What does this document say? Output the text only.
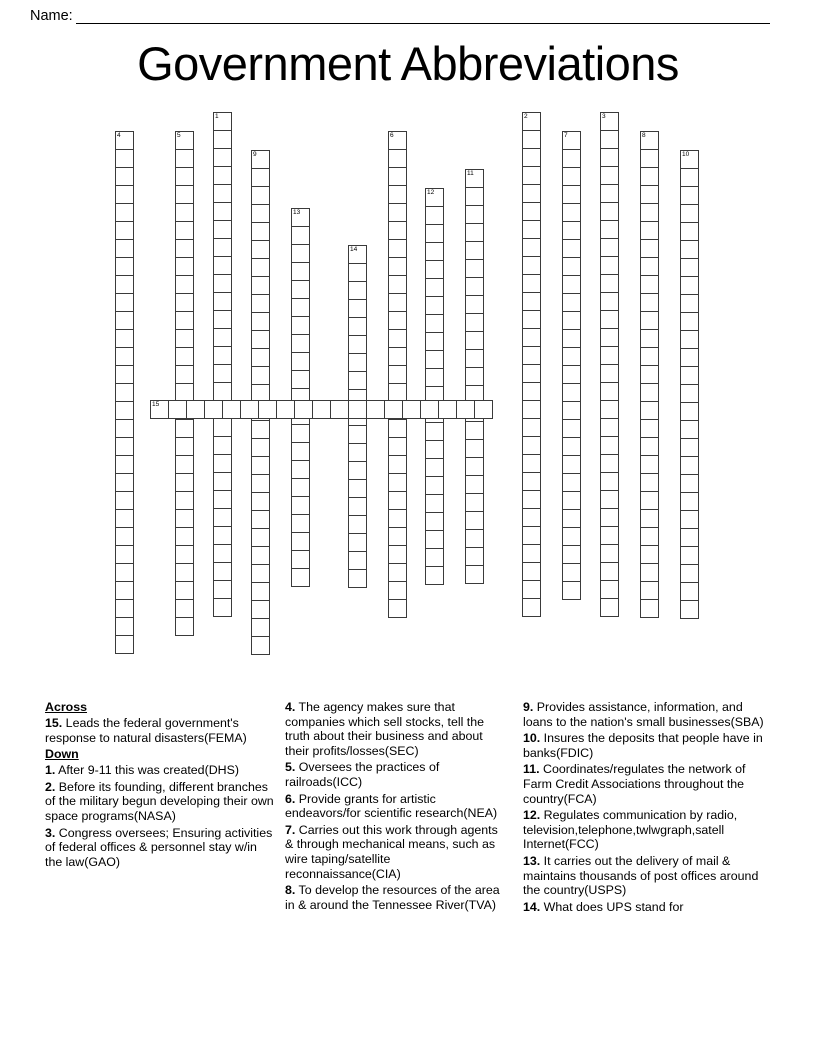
Name:
Government Abbreviations
4	5
1
9
13
14
6
12
11
2
7
3
8
10
15
Across

15. Leads the federal government's response to natural disasters(FEMA)

Down

1. After 9-11 this was created(DHS)

2. Before its founding, different branches of the military begun developing their own space programs(NASA)

3. Congress oversees; Ensuring activities of federal offices & personnel stay w/in the law(GAO)

4. The agency makes sure that companies which sell stocks, tell the truth about their business and about their profits/losses(SEC)

5. Oversees the practices of railroads(ICC)

6. Provide grants for artistic endeavors/for scientific research(NEA)

7. Carries out this work through agents & through mechanical means, such as wire taping/satellite reconnaissance(CIA)

8. To develop the resources of the area in & around the Tennessee River(TVA)

9. Provides assistance, information, and loans to the nation's small businesses(SBA)

10. Insures the deposits that people have in banks(FDIC)

11. Coordinates/regulates the network of Farm Credit Associations throughout the country(FCA)

12. Regulates communication by radio, television,telephone,twlwgraph,satell Internet(FCC)

13. It carries out the delivery of mail & maintains thousands of post offices around the country(USPS)

14. What does UPS stand for
